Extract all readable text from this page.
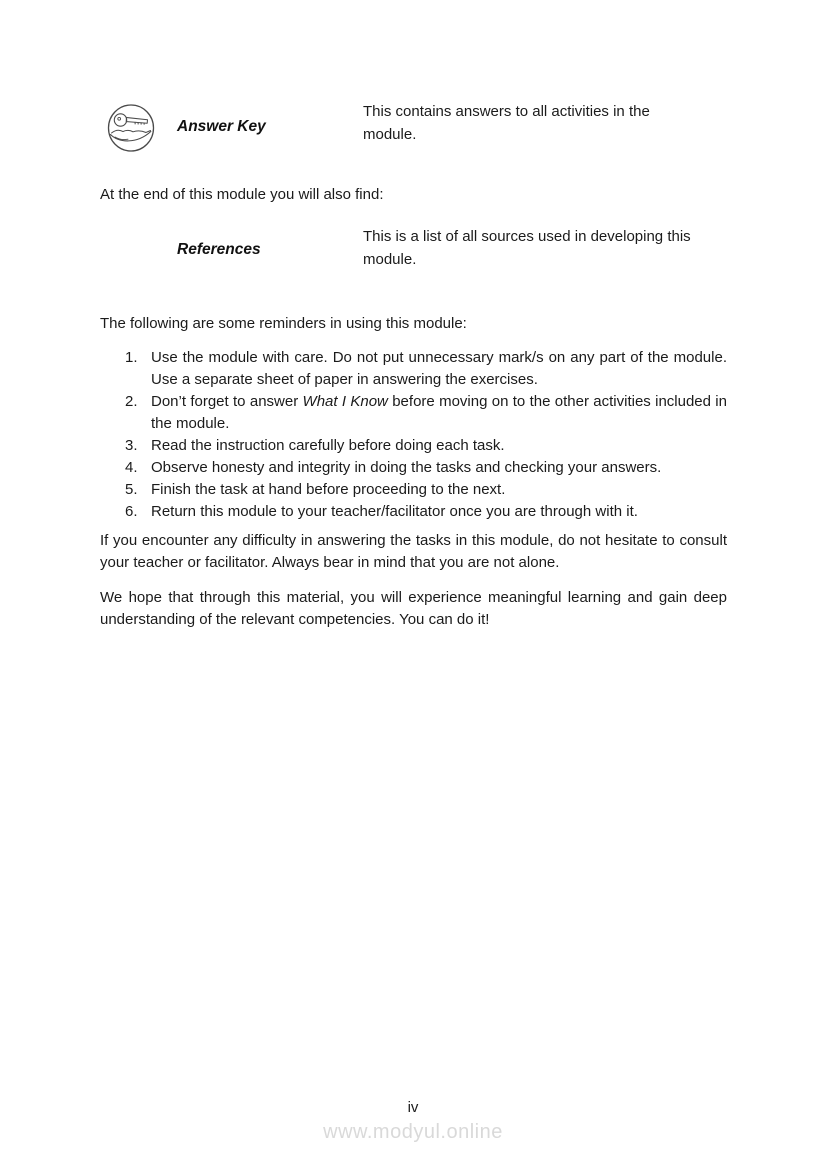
Answer Key
This contains answers to all activities in the module.
At the end of this module you will also find:
References
This is a list of all sources used in developing this module.
The following are some reminders in using this module:
1. Use the module with care. Do not put unnecessary mark/s on any part of the module. Use a separate sheet of paper in answering the exercises.
2. Don’t forget to answer What I Know before moving on to the other activities included in the module.
3. Read the instruction carefully before doing each task.
4. Observe honesty and integrity in doing the tasks and checking your answers.
5. Finish the task at hand before proceeding to the next.
6. Return this module to your teacher/facilitator once you are through with it.
If you encounter any difficulty in answering the tasks in this module, do not hesitate to consult your teacher or facilitator. Always bear in mind that you are not alone.
We hope that through this material, you will experience meaningful learning and gain deep understanding of the relevant competencies. You can do it!
iv
www.modyul.online
